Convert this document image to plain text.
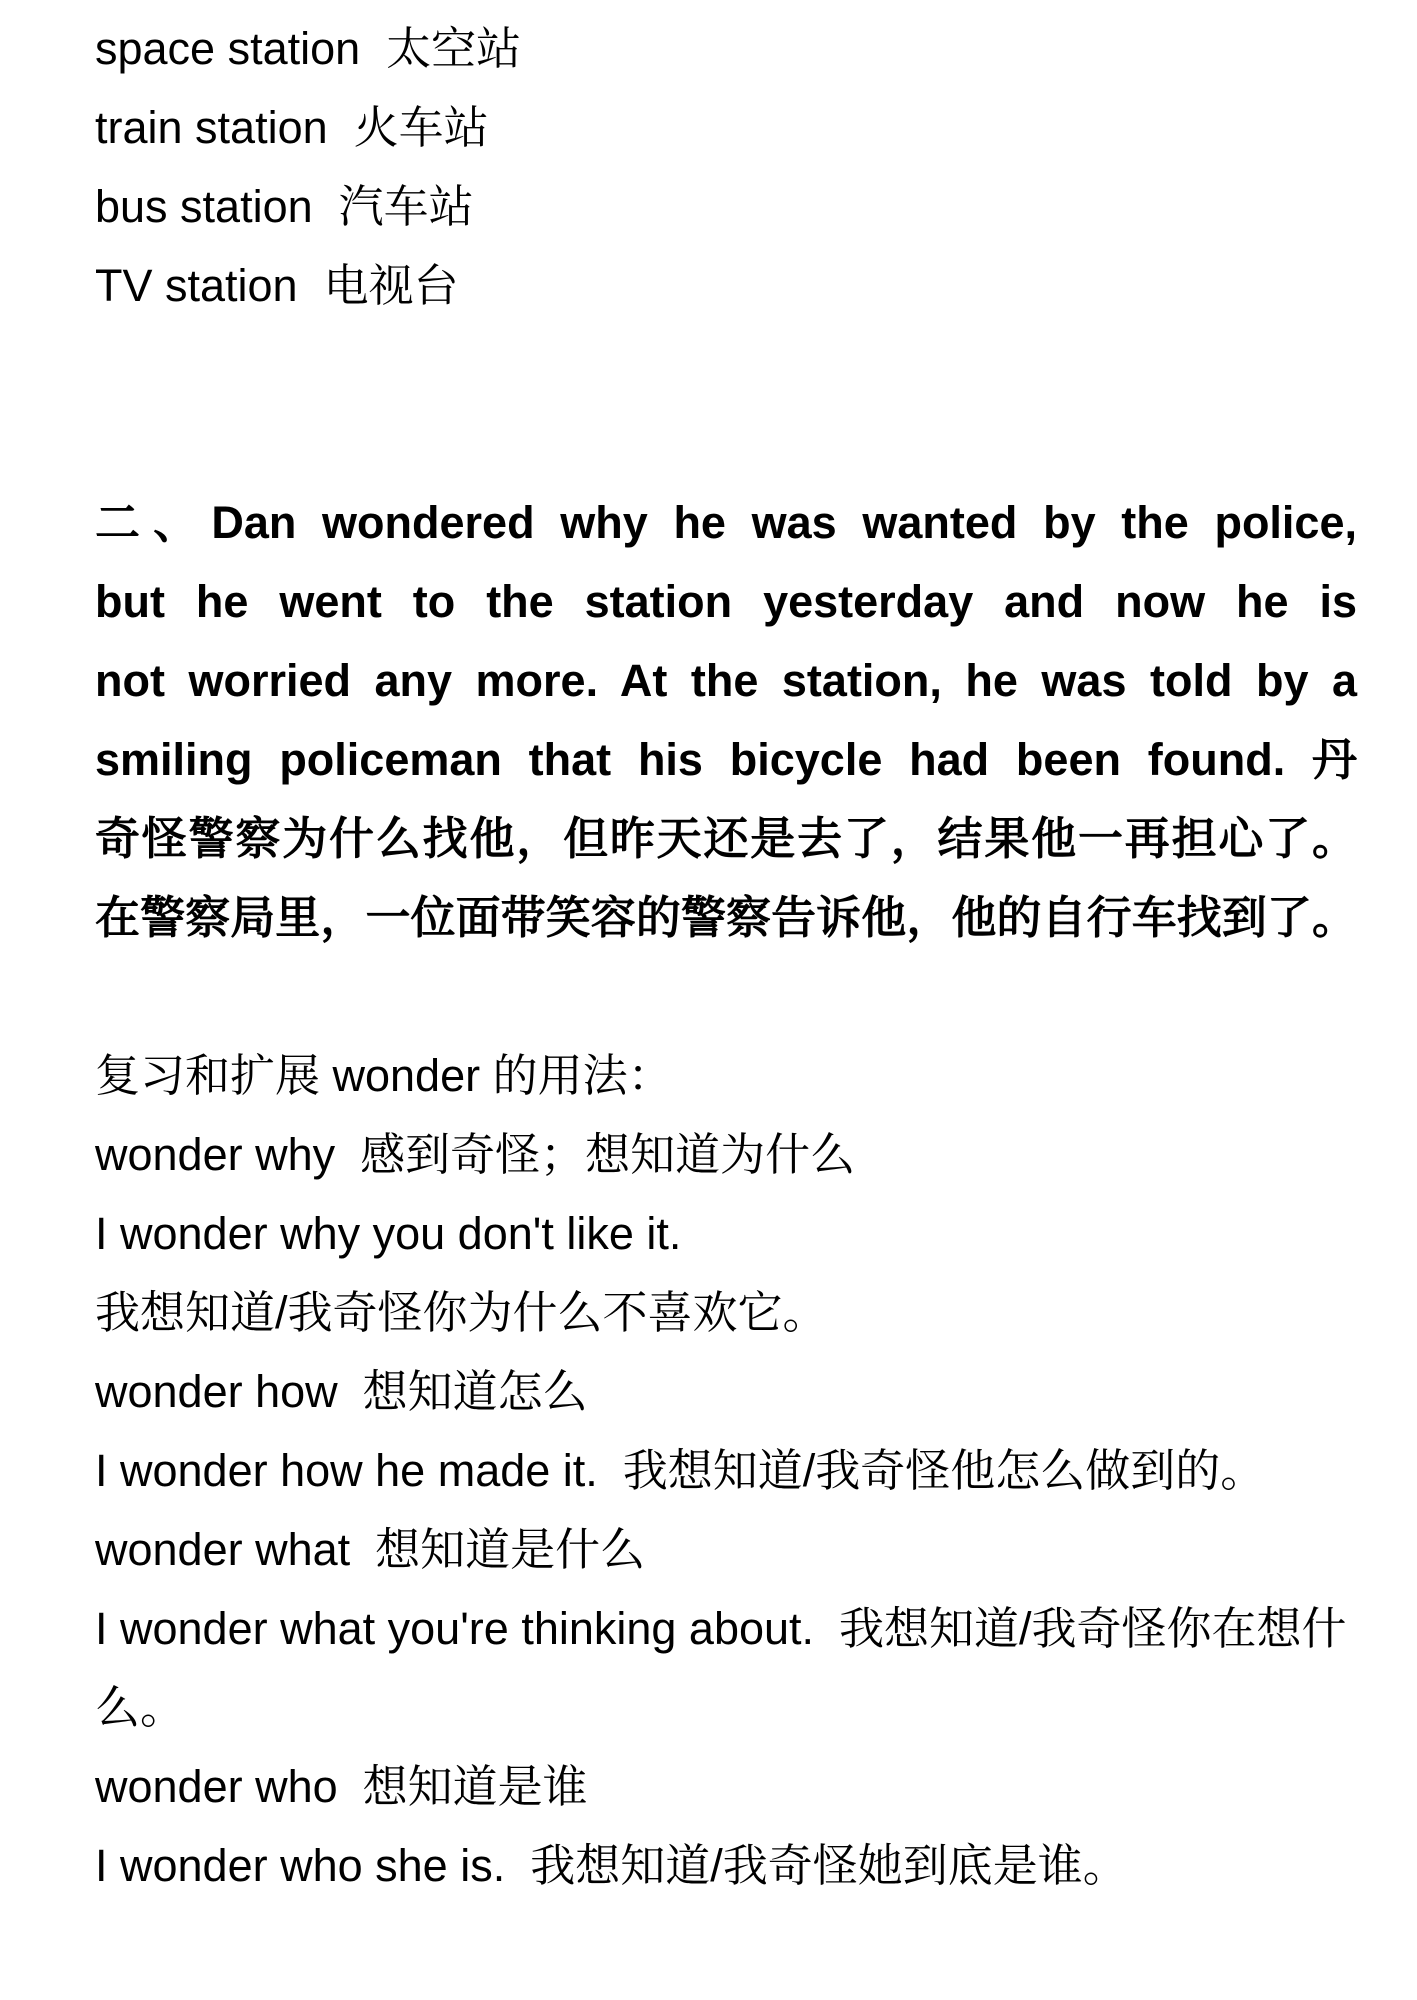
space station 太空站
train station 火车站
bus station 汽车站
TV station 电视台
二、Dan wondered why he was wanted by the police,
but he went to the station yesterday and now he is
not worried any more. At the station, he was told by a
smiling policeman that his bicycle had been found. 丹
奇怪警察为什么找他，但昨天还是去了，结果他一再担心了。
在警察局里，一位面带笑容的警察告诉他，他的自行车找到了。
复习和扩展 wonder 的用法：
wonder why  感到奇怪；想知道为什么
I wonder why you don't like it.
我想知道/我奇怪你为什么不喜欢它。
wonder how  想知道怎么
I wonder how he made it.  我想知道/我奇怪他怎么做到的。
wonder what  想知道是什么
I wonder what you're thinking about.  我想知道/我奇怪你在想什么。
wonder who  想知道是谁
I wonder who she is.  我想知道/我奇怪她到底是谁。
